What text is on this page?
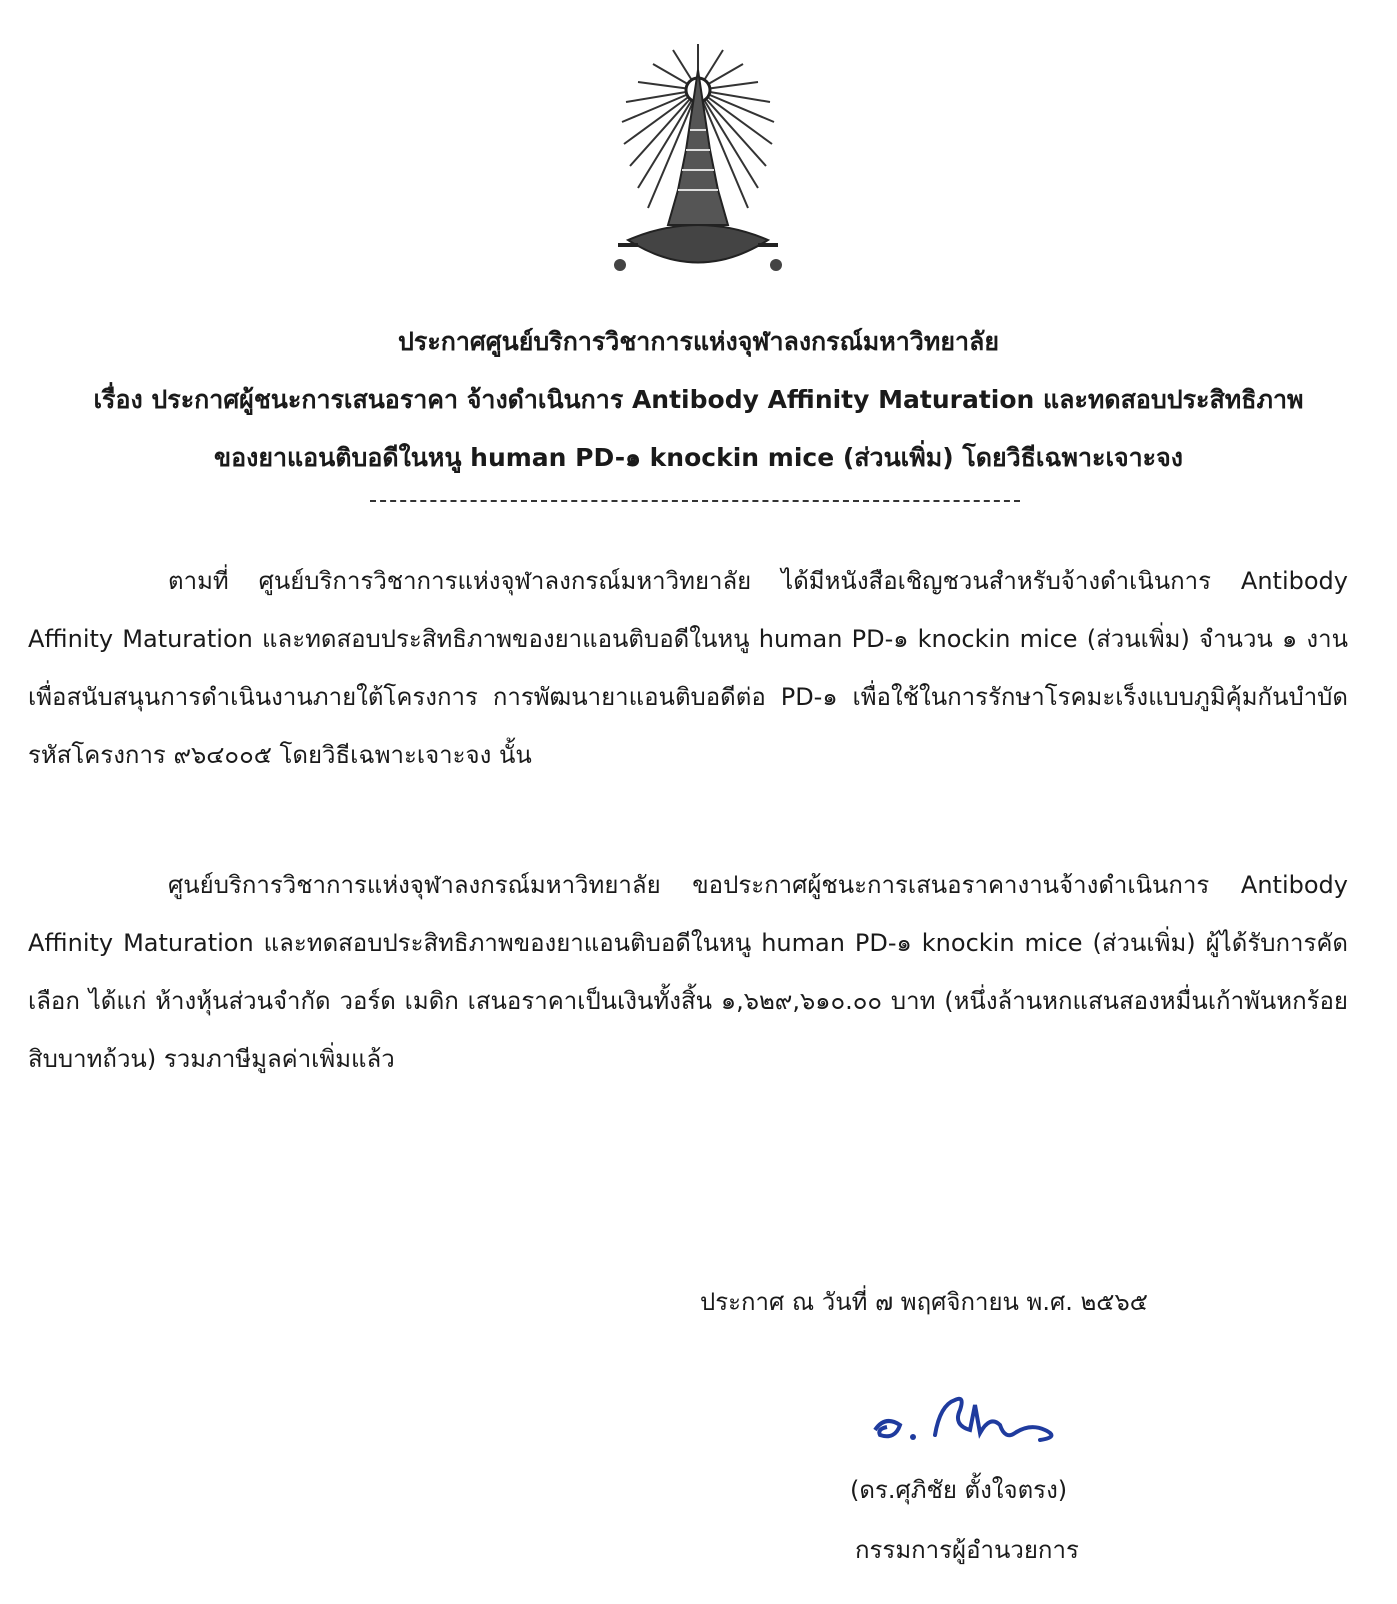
ประกาศศูนย์บริการวิชาการแห่งจุฬาลงกรณ์มหาวิทยาลัย
เรื่อง ประกาศผู้ชนะการเสนอราคา จ้างดำเนินการ Antibody Affinity Maturation และทดสอบประสิทธิภาพ
ของยาแอนติบอดีในหนู human PD-๑ knockin mice (ส่วนเพิ่ม) โดยวิธีเฉพาะเจาะจง
ตามที่ ศูนย์บริการวิชาการแห่งจุฬาลงกรณ์มหาวิทยาลัย ได้มีหนังสือเชิญชวนสำหรับจ้างดำเนินการ Antibody Affinity Maturation และทดสอบประสิทธิภาพของยาแอนติบอดีในหนู human PD-๑ knockin mice (ส่วนเพิ่ม) จำนวน ๑ งาน เพื่อสนับสนุนการดำเนินงานภายใต้โครงการ การพัฒนายาแอนติบอดีต่อ PD-๑ เพื่อใช้ในการรักษาโรคมะเร็งแบบภูมิคุ้มกันบำบัด รหัสโครงการ ๙๖๔๐๐๕ โดยวิธีเฉพาะเจาะจง นั้น
ศูนย์บริการวิชาการแห่งจุฬาลงกรณ์มหาวิทยาลัย ขอประกาศผู้ชนะการเสนอราคางานจ้างดำเนินการ Antibody Affinity Maturation และทดสอบประสิทธิภาพของยาแอนติบอดีในหนู human PD-๑ knockin mice (ส่วนเพิ่ม) ผู้ได้รับการคัดเลือก ได้แก่ ห้างหุ้นส่วนจำกัด วอร์ด เมดิก เสนอราคาเป็นเงินทั้งสิ้น ๑,๖๒๙,๖๑๐.๐๐ บาท (หนึ่งล้านหกแสนสองหมื่นเก้าพันหกร้อยสิบบาทถ้วน) รวมภาษีมูลค่าเพิ่มแล้ว
ประกาศ ณ วันที่ ๗ พฤศจิกายน พ.ศ. ๒๕๖๕
(ดร.ศุภิชัย ตั้งใจตรง)
กรรมการผู้อำนวยการ
